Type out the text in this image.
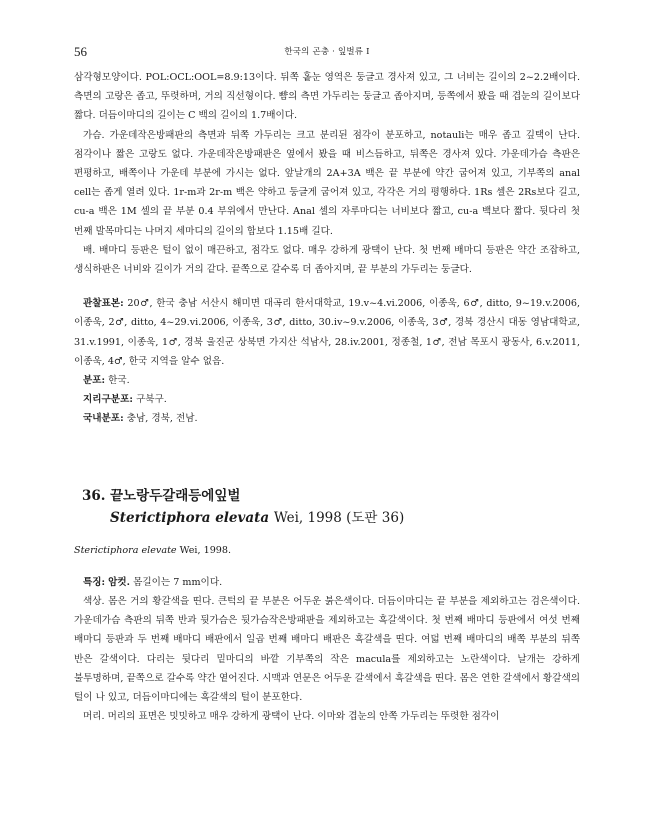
56	한국의 곤충 · 잎벌류 I

삼각형모양이다. POL:OCL:OOL=8.9:13이다. 뒤쪽 홑눈 영역은 둥글고 경사져 있고, 그 너비는 길이의 2~2.2배이다. 측면의 고랑은 좁고, 뚜렷하며, 거의 직선형이다. 뺨의 측면 가두리는 둥글고 좁아지며, 등쪽에서 봤을 때 겹눈의 길이보다 짧다. 더듬이마디의 길이는 C 백의 길이의 1.7배이다.

가슴. 가운데작은방패판의 측면과 뒤쪽 가두리는 크고 분리된 점각이 분포하고, notauli는 매우 좁고 깊택이 난다. 점각이나 짧은 고랑도 없다. 가운데작은방패판은 옆에서 봤을 때 비스듬하고, 뒤쪽은 경사져 있다. 가운데가슴 측판은 편평하고, 배쪽이나 가운데 부분에 가시는 없다. 앞날개의 2A+3A 백은 끝 부분에 약간 굽어져 있고, 기부쪽의 anal cell는 좁게 열려 있다. 1r-m과 2r-m 백은 약하고 둥글게 굽어져 있고, 각각은 거의 평행하다. 1Rs 셀은 2Rs보다 길고, cu-a 백은 1M 셀의 끝 부분 0.4 부위에서 만난다. Anal 셀의 자루마디는 너비보다 짧고, cu-a 백보다 짧다. 뒷다리 첫 번째 발목마디는 나머지 세마디의 길이의 합보다 1.15배 길다.

배. 배마디 등판은 털이 없이 매끈하고, 점각도 없다. 매우 강하게 광택이 난다. 첫 번째 배마디 등판은 약간 조잡하고, 생식하판은 너비와 길이가 거의 같다. 끝쪽으로 갈수록 더 좁아지며, 끝 부분의 가두리는 둥글다.

관찰표본: 20♂, 한국 충남 서산시 해미면 대곡리 한서대학교, 19.v~4.vi.2006, 이종욱, 6♂, ditto, 9~19.v.2006, 이종욱, 2♂, ditto, 4~29.vi.2006, 이종욱, 3♂, ditto, 30.iv~9.v.2006, 이종욱, 3♂, 경북 경산시 대동 영남대학교, 31.v.1991, 이종욱, 1♂, 경북 울진군 상북면 가지산 석남사, 28.iv.2001, 정종철, 1♂, 전남 목포시 광동사, 6.v.2011, 이종욱, 4♂, 한국 지역을 알수 없음.

분포: 한국.

지리구분포: 구북구.

국내분포: 충남, 경북, 전남.

36. 끝노랑두갈래등에잎벌

Sterictiphora elevata Wei, 1998 (도판 36)

Sterictiphora elevate Wei, 1998.

특징: 암컷. 몸길이는 7 mm이다.

색상. 몸은 거의 황갈색을 띤다. 큰턱의 끝 부분은 어두운 붉은색이다. 더듬이마디는 끝 부분을 제외하고는 검은색이다. 가운데가슴 측판의 뒤쪽 반과 뒷가슴은 뒷가슴작은방패판을 제외하고는 흑갈색이다. 첫 번째 배마디 등판에서 여섯 번째 배마디 등판과 두 번째 배마디 배판에서 일곱 번째 배마디 배판은 흑갈색을 띤다. 여덟 번째 배마디의 배쪽 부분의 뒤쪽 반은 갈색이다. 다리는 뒷다리 밑마디의 바깥 기부쪽의 작은 macula를 제외하고는 노란색이다. 날개는 강하게 불투명하며, 끝쪽으로 갈수록 약간 옅어진다. 시맥과 연문은 어두운 갈색에서 흑갈색을 띤다. 몸은 연한 갈색에서 황갈색의 털이 나 있고, 더듬이마디에는 흑갈색의 털이 분포한다.

머리. 머리의 표면은 밋밋하고 매우 강하게 광택이 난다. 이마와 겹눈의 안쪽 가두리는 뚜렷한 점각이
